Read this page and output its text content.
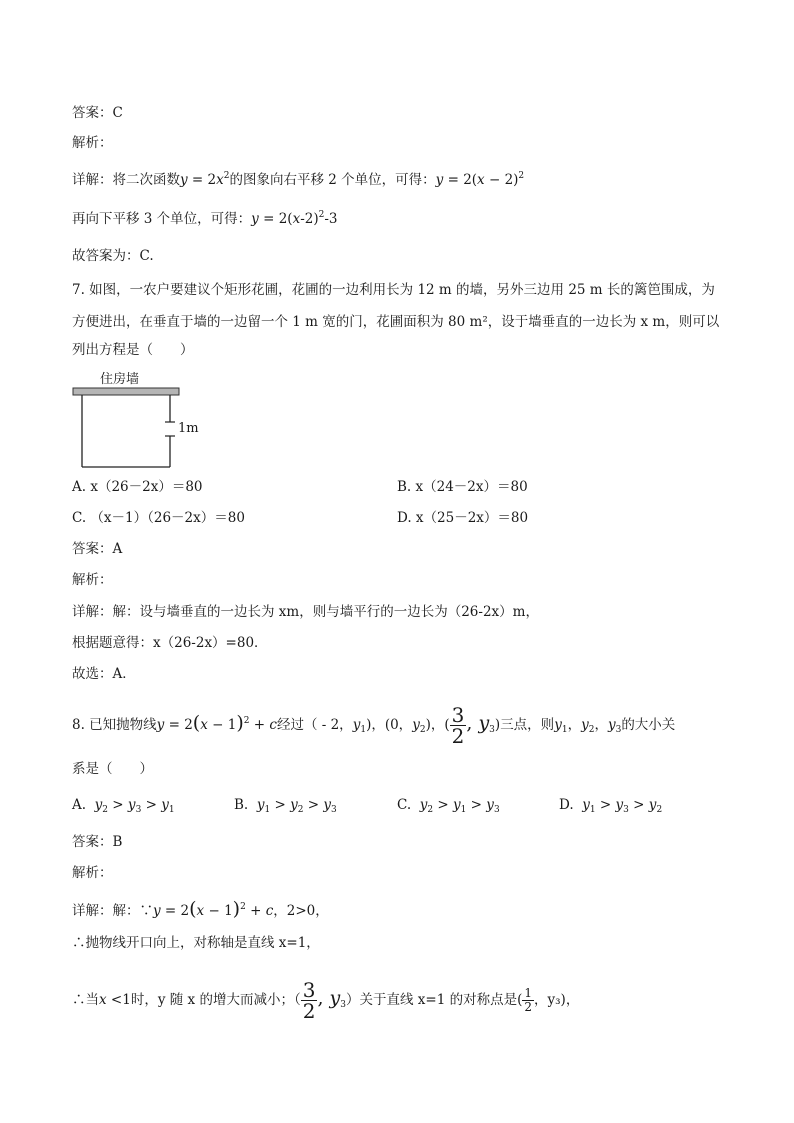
答案：C
解析：
详解：将二次函数$y = 2x^2$的图象向右平移 2 个单位，可得：$y = 2(x - 2)^2$
再向下平移 3 个单位，可得：$y = 2(x-2)^2-3$
故答案为：C.
7. 如图，一农户要建议个矩形花圃，花圃的一边利用长为 12 m 的墙，另外三边用 25 m 长的篱笆围成，为
方便进出，在垂直于墙的一边留一个 1 m 宽的门，花圃面积为 80 m²，设于墙垂直的一边长为 x m，则可以
列出方程是（　　）
住房墙
1m
A. x（26－2x）＝80	B. x（24－2x）＝80
C. （x－1）（26－2x）＝80	D. x（25－2x）＝80
答案：A
解析：
详解：解：设与墙垂直的一边长为 xm，则与墙平行的一边长为（26-2x）m，
根据题意得：x（26-2x）=80．
故选：A．
8. 已知抛物线$y = 2(x - 1)^2 + c$经过（ - 2，$y_1$)，(0，$y_2$)，( $\frac{3}{2}$ , $y_3$)三点，则$y_1$，$y_2$，$y_3$的大小关
系是（　　）
A. $y_2 > y_3 > y_1$	B. $y_1 > y_2 > y_3$	C. $y_2 > y_1 > y_3$	D. $y_1 > y_3 > y_2$
答案：B
解析：
详解：解：∵y = $2(x - 1)^2 + c$，2>0，
∴抛物线开口向上，对称轴是直线 x=1，
∴当x <1时，y 随 x 的增大而减小；（ $\frac{3}{2}$ , $y_3$）关于直线 x=1 的对称点是( $\frac{1}{2}$ ，y₃)，
